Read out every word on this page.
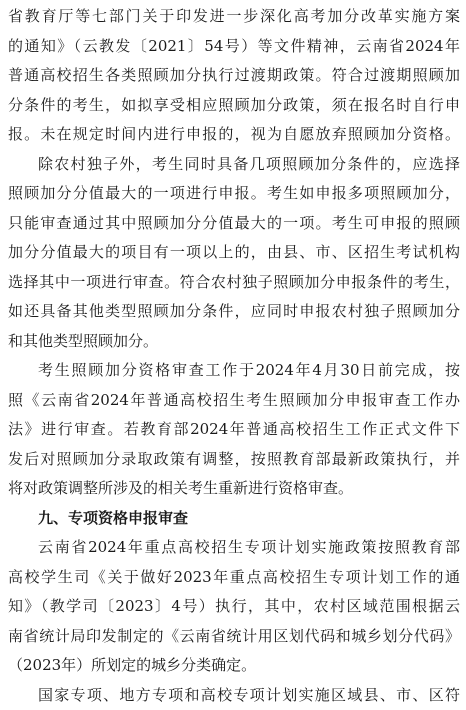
省教育厅等七部门关于印发进一步深化高考加分改革实施方案
的通知》（云教发〔2021〕54号）等文件精神，云南省2024年
普通高校招生各类照顾加分执行过渡期政策。符合过渡期照顾加
分条件的考生，如拟享受相应照顾加分政策，须在报名时自行申
报。未在规定时间内进行申报的，视为自愿放弃照顾加分资格。
除农村独子外，考生同时具备几项照顾加分条件的，应选择
照顾加分分值最大的一项进行申报。考生如申报多项照顾加分，
只能审查通过其中照顾加分分值最大的一项。考生可申报的照顾
加分分值最大的项目有一项以上的，由县、市、区招生考试机构
选择其中一项进行审查。符合农村独子照顾加分申报条件的考生，
如还具备其他类型照顾加分条件，应同时申报农村独子照顾加分
和其他类型照顾加分。
考生照顾加分资格审查工作于2024年4月30日前完成，按
照《云南省2024年普通高校招生考生照顾加分申报审查工作办
法》进行审查。若教育部2024年普通高校招生工作正式文件下
发后对照顾加分录取政策有调整，按照教育部最新政策执行，并
将对政策调整所涉及的相关考生重新进行资格审查。
九、专项资格申报审查
云南省2024年重点高校招生专项计划实施政策按照教育部
高校学生司《关于做好2023年重点高校招生专项计划工作的通
知》（教学司〔2023〕4号）执行，其中，农村区域范围根据云
南省统计局印发制定的《云南省统计用区划代码和城乡划分代码》
（2023年）所划定的城乡分类确定。
国家专项、地方专项和高校专项计划实施区域县、市、区符
